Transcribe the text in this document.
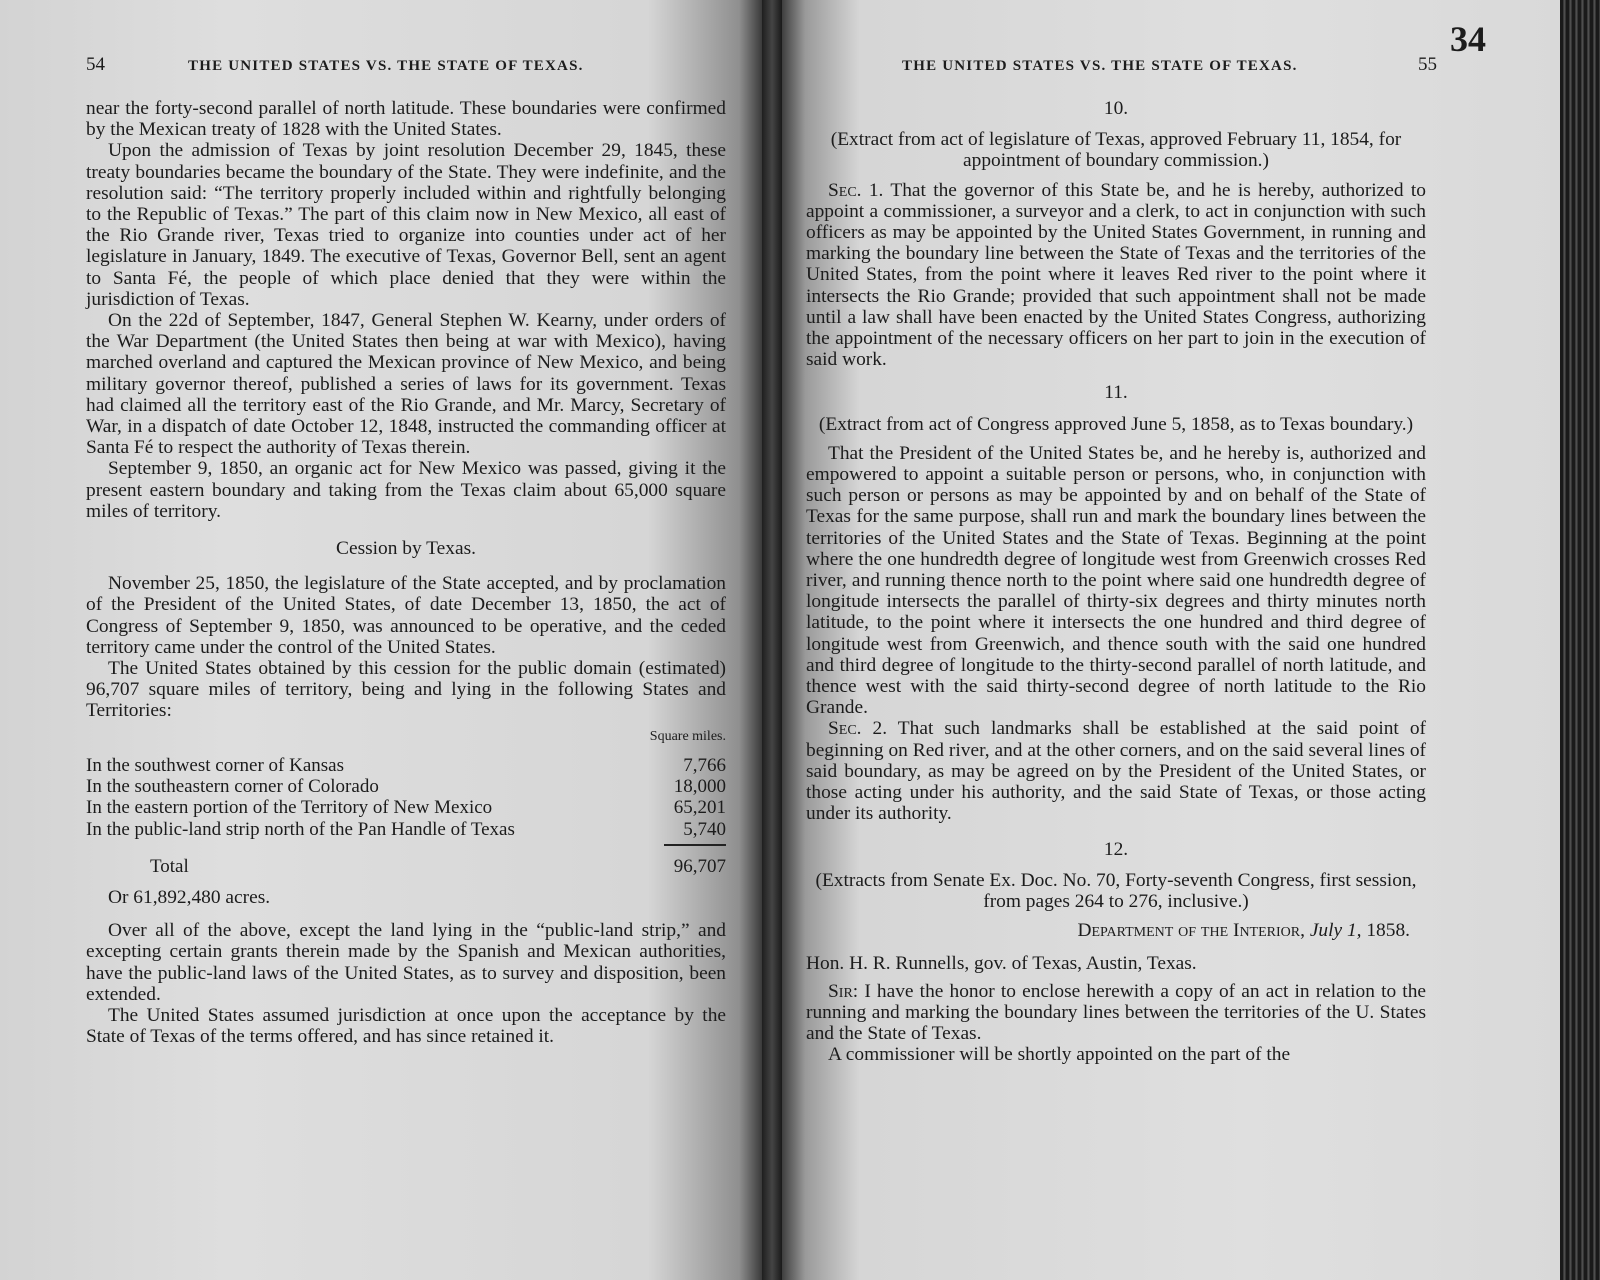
54	THE UNITED STATES VS. THE STATE OF TEXAS.

near the forty-second parallel of north latitude. These boundaries were confirmed by the Mexican treaty of 1828 with the United States.

Upon the admission of Texas by joint resolution December 29, 1845, these treaty boundaries became the boundary of the State. They were indefinite, and the resolution said: “The territory properly included within and rightfully belonging to the Republic of Texas.” The part of this claim now in New Mexico, all east of the Rio Grande river, Texas tried to organize into counties under act of her legislature in January, 1849. The executive of Texas, Governor Bell, sent an agent to Santa Fé, the people of which place denied that they were within the jurisdiction of Texas.

On the 22d of September, 1847, General Stephen W. Kearny, under orders of the War Department (the United States then being at war with Mexico), having marched overland and captured the Mexican province of New Mexico, and being military governor thereof, published a series of laws for its government. Texas had claimed all the territory east of the Rio Grande, and Mr. Marcy, Secretary of War, in a dispatch of date October 12, 1848, instructed the commanding officer at Santa Fé to respect the authority of Texas therein.

September 9, 1850, an organic act for New Mexico was passed, giving it the present eastern boundary and taking from the Texas claim about 65,000 square miles of territory.

Cession by Texas.

November 25, 1850, the legislature of the State accepted, and by proclamation of the President of the United States, of date December 13, 1850, the act of Congress of September 9, 1850, was announced to be operative, and the ceded territory came under the control of the United States.

The United States obtained by this cession for the public domain (estimated) 96,707 square miles of territory, being and lying in the following States and Territories:

Square miles.
In the southwest corner of Kansas	7,766
In the southeastern corner of Colorado	18,000
In the eastern portion of the Territory of New Mexico	65,201
In the public-land strip north of the Pan Handle of Texas	5,740
Total	96,707

Or 61,892,480 acres.

Over all of the above, except the land lying in the “public-land strip,” and excepting certain grants therein made by the Spanish and Mexican authorities, have the public-land laws of the United States, as to survey and disposition, been extended.

The United States assumed jurisdiction at once upon the acceptance by the State of Texas of the terms offered, and has since retained it.

THE UNITED STATES VS. THE STATE OF TEXAS.	55
10.
(Extract from act of legislature of Texas, approved February 11, 1854, for appointment of boundary commission.)

Sec. 1. That the governor of this State be, and he is hereby, authorized to appoint a commissioner, a surveyor and a clerk, to act in conjunction with such officers as may be appointed by the United States Government, in running and marking the boundary line between the State of Texas and the territories of the United States, from the point where it leaves Red river to the point where it intersects the Rio Grande; provided that such appointment shall not be made until a law shall have been enacted by the United States Congress, authorizing the appointment of the necessary officers on her part to join in the execution of said work.

11.
(Extract from act of Congress approved June 5, 1858, as to Texas boundary.)

That the President of the United States be, and he hereby is, authorized and empowered to appoint a suitable person or persons, who, in conjunction with such person or persons as may be appointed by and on behalf of the State of Texas for the same purpose, shall run and mark the boundary lines between the territories of the United States and the State of Texas. Beginning at the point where the one hundredth degree of longitude west from Greenwich crosses Red river, and running thence north to the point where said one hundredth degree of longitude intersects the parallel of thirty-six degrees and thirty minutes north latitude, to the point where it intersects the one hundred and third degree of longitude west from Greenwich, and thence south with the said one hundred and third degree of longitude to the thirty-second parallel of north latitude, and thence west with the said thirty-second degree of north latitude to the Rio Grande.

Sec. 2. That such landmarks shall be established at the said point of beginning on Red river, and at the other corners, and on the said several lines of said boundary, as may be agreed on by the President of the United States, or those acting under his authority, and the said State of Texas, or those acting under its authority.

12.
(Extracts from Senate Ex. Doc. No. 70, Forty-seventh Congress, first session, from pages 264 to 276, inclusive.)
Department of the Interior, July 1, 1858.

Hon. H. R. Runnells, gov. of Texas, Austin, Texas.

Sir: I have the honor to enclose herewith a copy of an act in relation to the running and marking the boundary lines between the territories of the U. States and the State of Texas.

A commissioner will be shortly appointed on the part of the

34
